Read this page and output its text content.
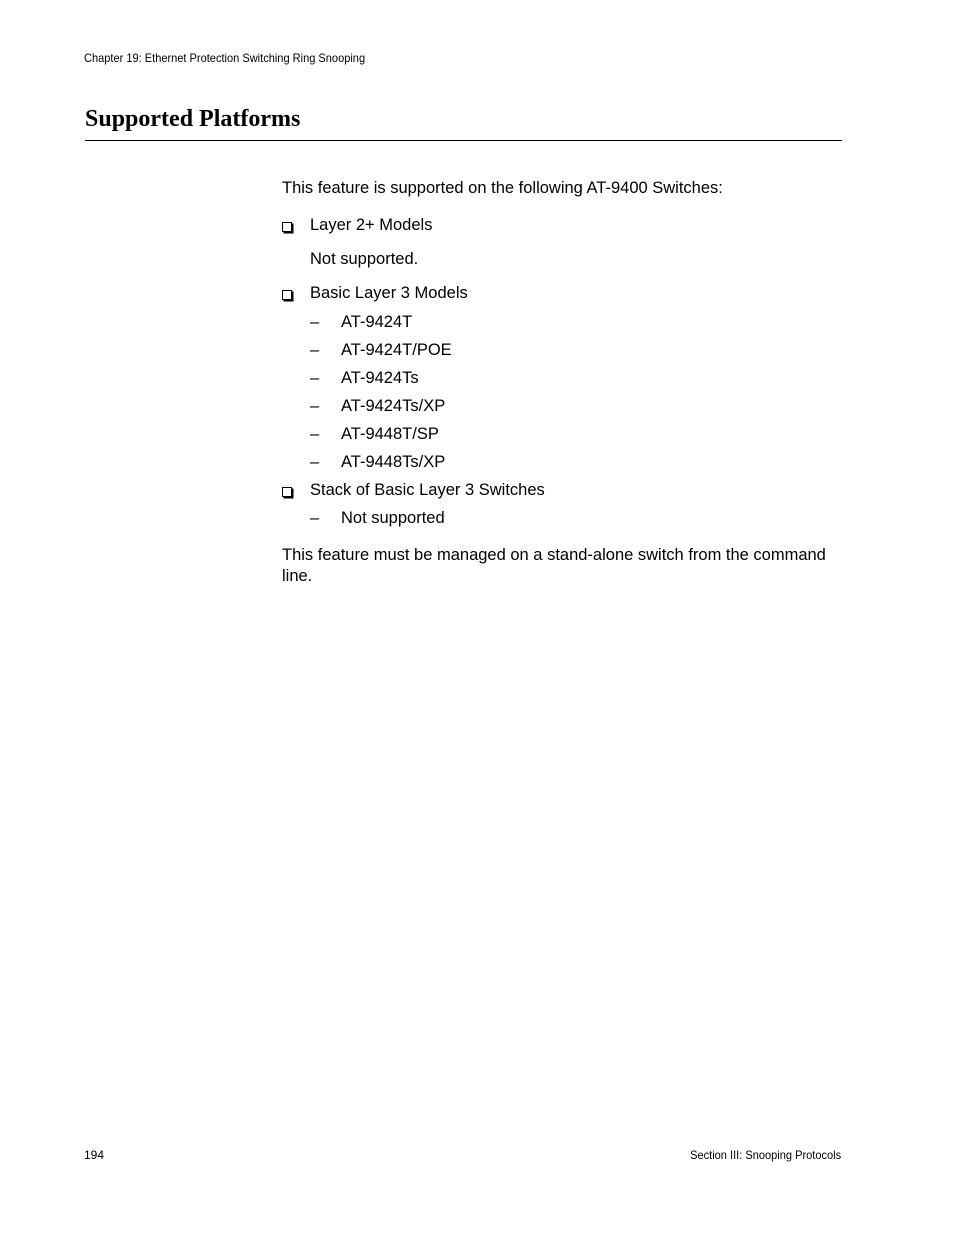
Chapter 19: Ethernet Protection Switching Ring Snooping
Supported Platforms
This feature is supported on the following AT-9400 Switches:
Layer 2+ Models
Not supported.
Basic Layer 3 Models
– AT-9424T
– AT-9424T/POE
– AT-9424Ts
– AT-9424Ts/XP
– AT-9448T/SP
– AT-9448Ts/XP
Stack of Basic Layer 3 Switches
– Not supported
This feature must be managed on a stand-alone switch from the command line.
194	Section III: Snooping Protocols
